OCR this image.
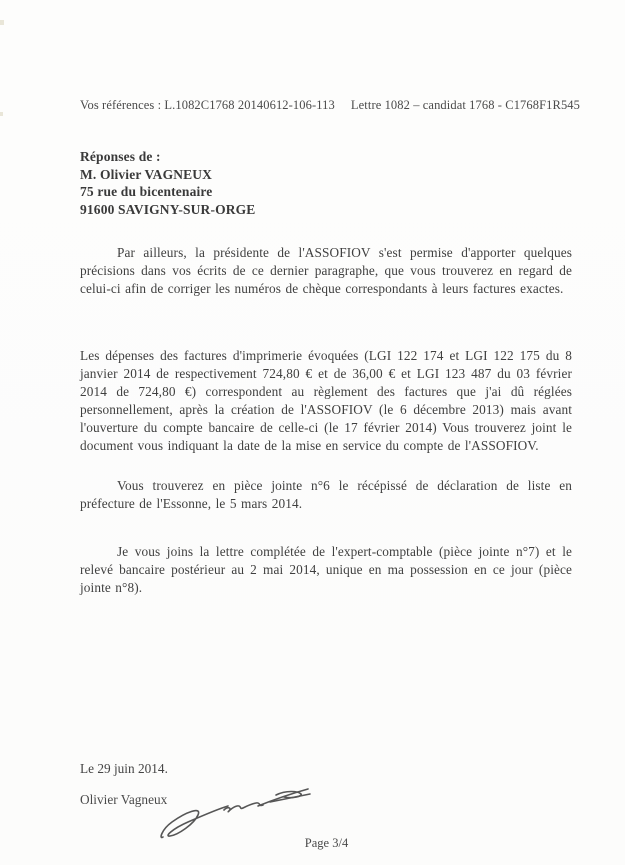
Vos références : L.1082C1768 20140612-106-113 Lettre 1082 – candidat 1768 - C1768F1R545
Réponses de :
M. Olivier VAGNEUX
75 rue du bicentenaire
91600 SAVIGNY-SUR-ORGE

Par ailleurs, la présidente de l'ASSOFIOV s'est permise d'apporter quelques précisions dans vos écrits de ce dernier paragraphe, que vous trouverez en regard de celui-ci afin de corriger les numéros de chèque correspondants à leurs factures exactes.

Les dépenses des factures d'imprimerie évoquées (LGI 122 174 et LGI 122 175 du 8 janvier 2014 de respectivement 724,80 € et de 36,00 € et LGI 123 487 du 03 février 2014 de 724,80 €) correspondent au règlement des factures que j'ai dû réglées personnellement, après la création de l'ASSOFIOV (le 6 décembre 2013) mais avant l'ouverture du compte bancaire de celle-ci (le 17 février 2014) Vous trouverez joint le document vous indiquant la date de la mise en service du compte de l'ASSOFIOV.

Vous trouverez en pièce jointe n°6 le récépissé de déclaration de liste en préfecture de l'Essonne, le 5 mars 2014.

Je vous joins la lettre complétée de l'expert-comptable (pièce jointe n°7) et le relevé bancaire postérieur au 2 mai 2014, unique en ma possession en ce jour (pièce jointe n°8).

Le 29 juin 2014.
Olivier Vagneux
Page 3/4
